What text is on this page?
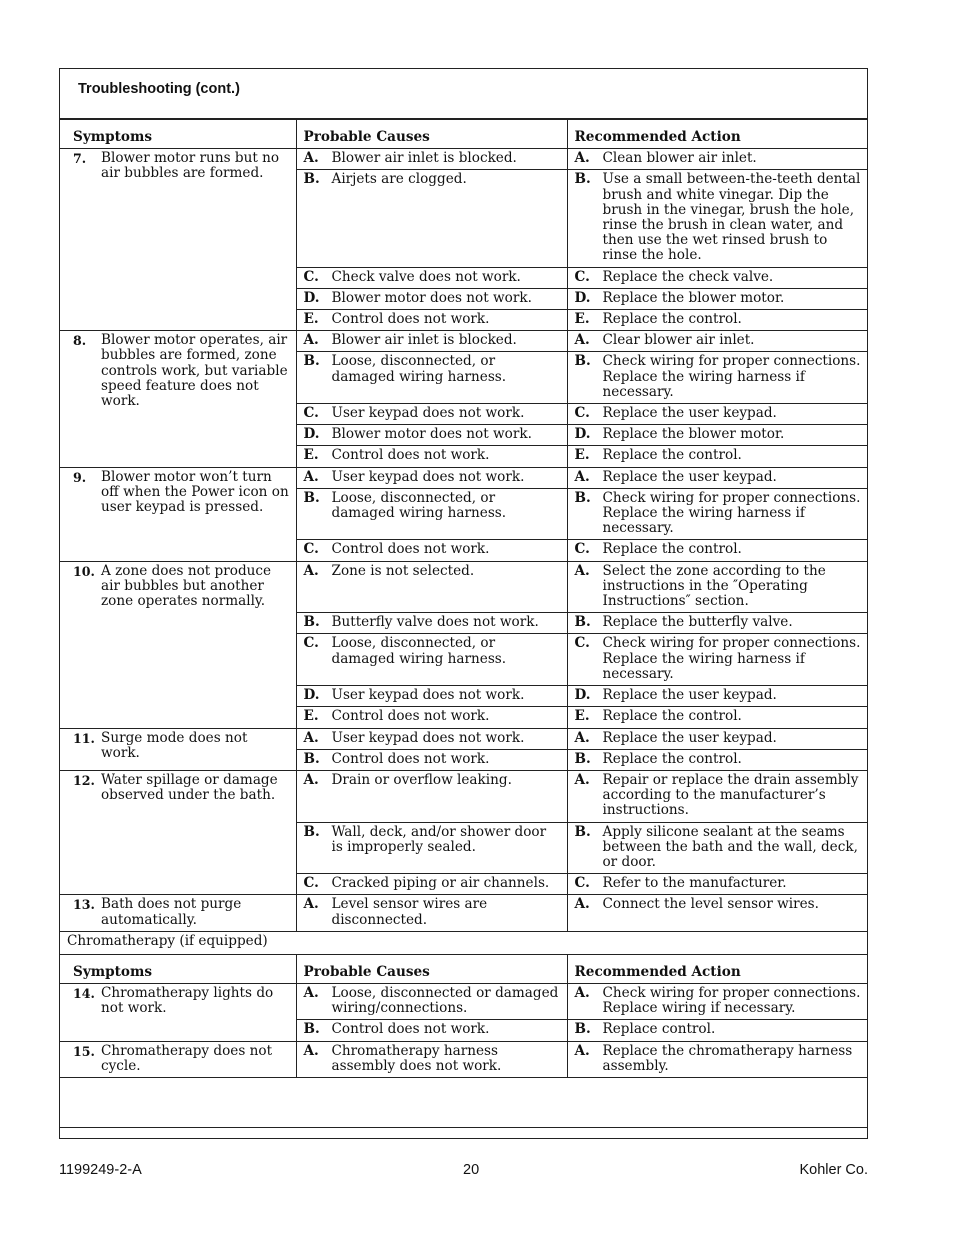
Troubleshooting (cont.)
Symptoms	Probable Causes	Recommended Action

7. Blower motor runs but no air bubbles are formed.	A. Blower air inlet is blocked.	A. Clean blower air inlet.

	B. Airjets are clogged.	B. Use a small between-the-teeth dental brush and white vinegar. Dip the brush in the vinegar, brush the hole, rinse the brush in clean water, and then use the wet rinsed brush to rinse the hole.

	C. Check valve does not work.	C. Replace the check valve.

	D. Blower motor does not work.	D. Replace the blower motor.

	E. Control does not work.	E. Replace the control.

8. Blower motor operates, air bubbles are formed, zone controls work, but variable speed feature does not work.	A. Blower air inlet is blocked.	A. Clear blower air inlet.

	B. Loose, disconnected, or damaged wiring harness.	B. Check wiring for proper connections. Replace the wiring harness if necessary.

	C. User keypad does not work.	C. Replace the user keypad.

	D. Blower motor does not work.	D. Replace the blower motor.

	E. Control does not work.	E. Replace the control.

9. Blower motor won’t turn off when the Power icon on user keypad is pressed.	A. User keypad does not work.	A. Replace the user keypad.

	B. Loose, disconnected, or damaged wiring harness.	B. Check wiring for proper connections. Replace the wiring harness if necessary.

	C. Control does not work.	C. Replace the control.

10. A zone does not produce air bubbles but another zone operates normally.	A. Zone is not selected.	A. Select the zone according to the instructions in the ″Operating Instructions″ section.

	B. Butterfly valve does not work.	B. Replace the butterfly valve.

	C. Loose, disconnected, or damaged wiring harness.	C. Check wiring for proper connections. Replace the wiring harness if necessary.

	D. User keypad does not work.	D. Replace the user keypad.

	E. Control does not work.	E. Replace the control.

11. Surge mode does not work.	A. User keypad does not work.	A. Replace the user keypad.

	B. Control does not work.	B. Replace the control.

12. Water spillage or damage observed under the bath.	A. Drain or overflow leaking.	A. Repair or replace the drain assembly according to the manufacturer’s instructions.

	B. Wall, deck, and/or shower door is improperly sealed.	B. Apply silicone sealant at the seams between the bath and the wall, deck, or door.

	C. Cracked piping or air channels.	C. Refer to the manufacturer.

13. Bath does not purge automatically.	A. Level sensor wires are disconnected.	A. Connect the level sensor wires.

Chromatherapy (if equipped)		
Symptoms	Probable Causes	Recommended Action

14. Chromatherapy lights do not work.	A. Loose, disconnected or damaged wiring/connections.	A. Check wiring for proper connections. Replace wiring if necessary.

	B. Control does not work.	B. Replace control.

15. Chromatherapy does not cycle.	A. Chromatherapy harness assembly does not work.	A. Replace the chromatherapy harness assembly.

1199249-2-A	20	Kohler Co.
